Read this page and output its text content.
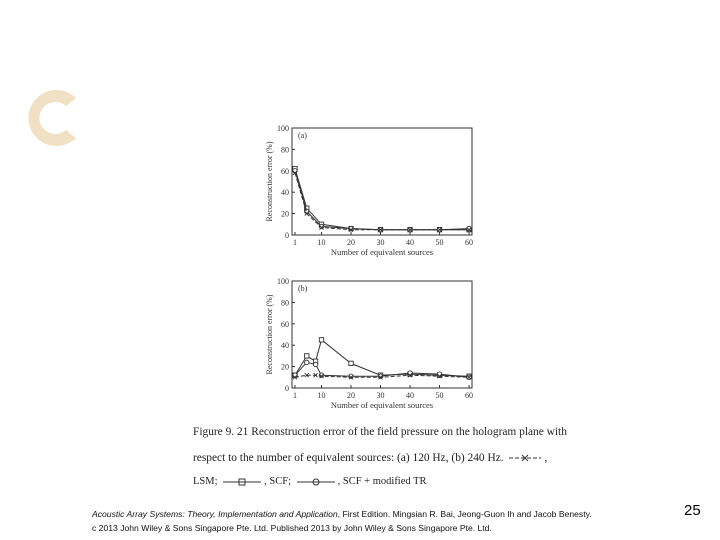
1	10	20	30	40	50	60
0
20
40
60
80
100
(a)
Number of equivalent sources
Reconstruction error (%)
1	10	20	30	40	50	60
0
20
40
60
80
100
(b)
Number of equivalent sources
Reconstruction error (%)
Figure 9. 21 Reconstruction error of the field pressure on the hologram plane with
respect to the number of equivalent sources: (a) 120 Hz, (b) 240 Hz.	,
LSM;	, SCF;	, SCF + modified TR
Acoustic Array Systems: Theory, Implementation and Application, First Edition. Mingsian R. Bai, Jeong-Guon Ih and Jacob Benesty.
c 2013 John Wiley & Sons Singapore Pte. Ltd. Published 2013 by John Wiley & Sons Singapore Pte. Ltd.
25
